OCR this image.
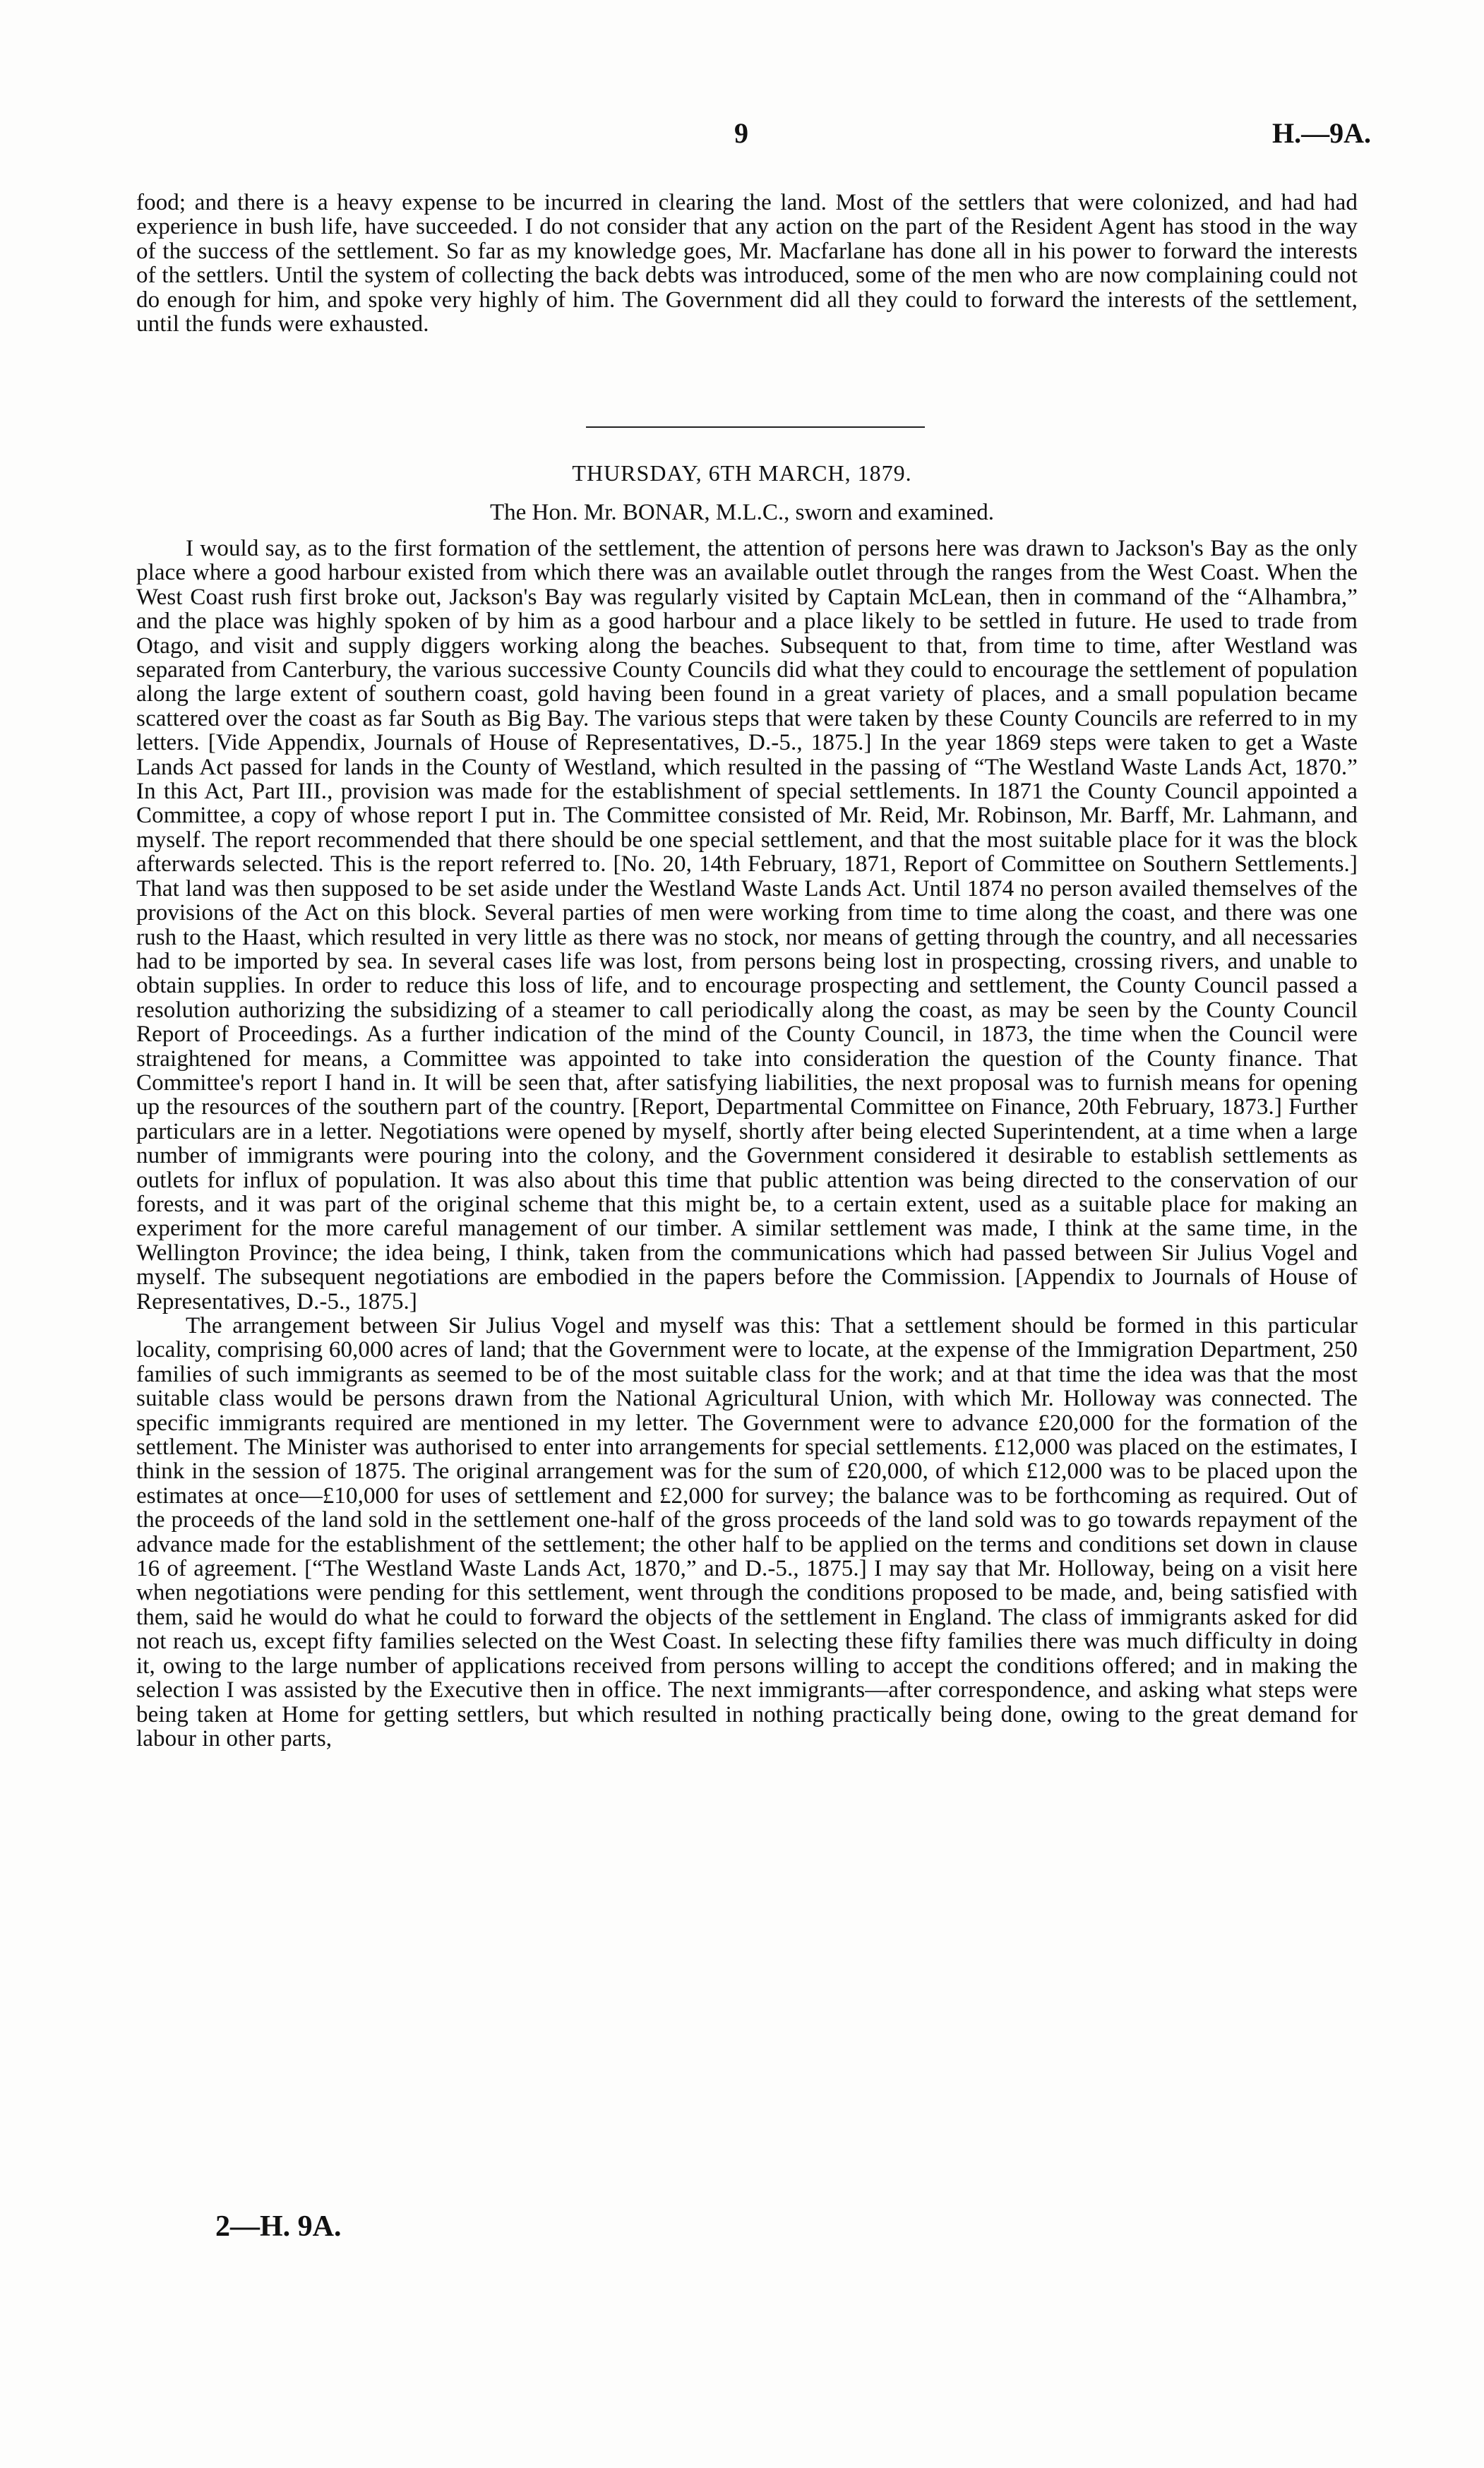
9	H.—9A.
food; and there is a heavy expense to be incurred in clearing the land. Most of the settlers that were colonized, and had had experience in bush life, have succeeded. I do not consider that any action on the part of the Resident Agent has stood in the way of the success of the settlement. So far as my knowledge goes, Mr. Macfarlane has done all in his power to forward the interests of the settlers. Until the system of collecting the back debts was introduced, some of the men who are now complaining could not do enough for him, and spoke very highly of him. The Government did all they could to forward the interests of the settlement, until the funds were exhausted.
THURSDAY, 6TH MARCH, 1879.
The Hon. Mr. BONAR, M.L.C., sworn and examined.

I would say, as to the first formation of the settlement, the attention of persons here was drawn to Jackson's Bay as the only place where a good harbour existed from which there was an available outlet through the ranges from the West Coast. When the West Coast rush first broke out, Jackson's Bay was regularly visited by Captain McLean, then in command of the “Alhambra,” and the place was highly spoken of by him as a good harbour and a place likely to be settled in future. He used to trade from Otago, and visit and supply diggers working along the beaches. Subsequent to that, from time to time, after Westland was separated from Canterbury, the various successive County Councils did what they could to encourage the settlement of population along the large extent of southern coast, gold having been found in a great variety of places, and a small population became scattered over the coast as far South as Big Bay. The various steps that were taken by these County Councils are referred to in my letters. [Vide Appendix, Journals of House of Representatives, D.-5., 1875.] In the year 1869 steps were taken to get a Waste Lands Act passed for lands in the County of Westland, which resulted in the passing of “The Westland Waste Lands Act, 1870.” In this Act, Part III., provision was made for the establishment of special settlements. In 1871 the County Council appointed a Committee, a copy of whose report I put in. The Committee consisted of Mr. Reid, Mr. Robinson, Mr. Barff, Mr. Lahmann, and myself. The report recommended that there should be one special settlement, and that the most suitable place for it was the block afterwards selected. This is the report referred to. [No. 20, 14th February, 1871, Report of Committee on Southern Settlements.] That land was then supposed to be set aside under the Westland Waste Lands Act. Until 1874 no person availed themselves of the provisions of the Act on this block. Several parties of men were working from time to time along the coast, and there was one rush to the Haast, which resulted in very little as there was no stock, nor means of getting through the country, and all necessaries had to be imported by sea. In several cases life was lost, from persons being lost in prospecting, crossing rivers, and unable to obtain supplies. In order to reduce this loss of life, and to encourage prospecting and settlement, the County Council passed a resolution authorizing the subsidizing of a steamer to call periodically along the coast, as may be seen by the County Council Report of Proceedings. As a further indication of the mind of the County Council, in 1873, the time when the Council were straightened for means, a Committee was appointed to take into consideration the question of the County finance. That Committee's report I hand in. It will be seen that, after satisfying liabilities, the next proposal was to furnish means for opening up the resources of the southern part of the country. [Report, Departmental Committee on Finance, 20th February, 1873.] Further particulars are in a letter. Negotiations were opened by myself, shortly after being elected Superintendent, at a time when a large number of immigrants were pouring into the colony, and the Government considered it desirable to establish settlements as outlets for influx of population. It was also about this time that public attention was being directed to the conservation of our forests, and it was part of the original scheme that this might be, to a certain extent, used as a suitable place for making an experiment for the more careful management of our timber. A similar settlement was made, I think at the same time, in the Wellington Province; the idea being, I think, taken from the communications which had passed between Sir Julius Vogel and myself. The subsequent negotiations are embodied in the papers before the Commission. [Appendix to Journals of House of Representatives, D.-5., 1875.]

The arrangement between Sir Julius Vogel and myself was this: That a settlement should be formed in this particular locality, comprising 60,000 acres of land; that the Government were to locate, at the expense of the Immigration Department, 250 families of such immigrants as seemed to be of the most suitable class for the work; and at that time the idea was that the most suitable class would be persons drawn from the National Agricultural Union, with which Mr. Holloway was connected. The specific immigrants required are mentioned in my letter. The Government were to advance £20,000 for the formation of the settlement. The Minister was authorised to enter into arrangements for special settlements. £12,000 was placed on the estimates, I think in the session of 1875. The original arrangement was for the sum of £20,000, of which £12,000 was to be placed upon the estimates at once—£10,000 for uses of settlement and £2,000 for survey; the balance was to be forthcoming as required. Out of the proceeds of the land sold in the settlement one-half of the gross proceeds of the land sold was to go towards repayment of the advance made for the establishment of the settlement; the other half to be applied on the terms and conditions set down in clause 16 of agreement. [“The Westland Waste Lands Act, 1870,” and D.-5., 1875.] I may say that Mr. Holloway, being on a visit here when negotiations were pending for this settlement, went through the conditions proposed to be made, and, being satisfied with them, said he would do what he could to forward the objects of the settlement in England. The class of immigrants asked for did not reach us, except fifty families selected on the West Coast. In selecting these fifty families there was much difficulty in doing it, owing to the large number of applications received from persons willing to accept the conditions offered; and in making the selection I was assisted by the Executive then in office. The next immigrants—after correspondence, and asking what steps were being taken at Home for getting settlers, but which resulted in nothing practically being done, owing to the great demand for labour in other parts,

2—H. 9A.
